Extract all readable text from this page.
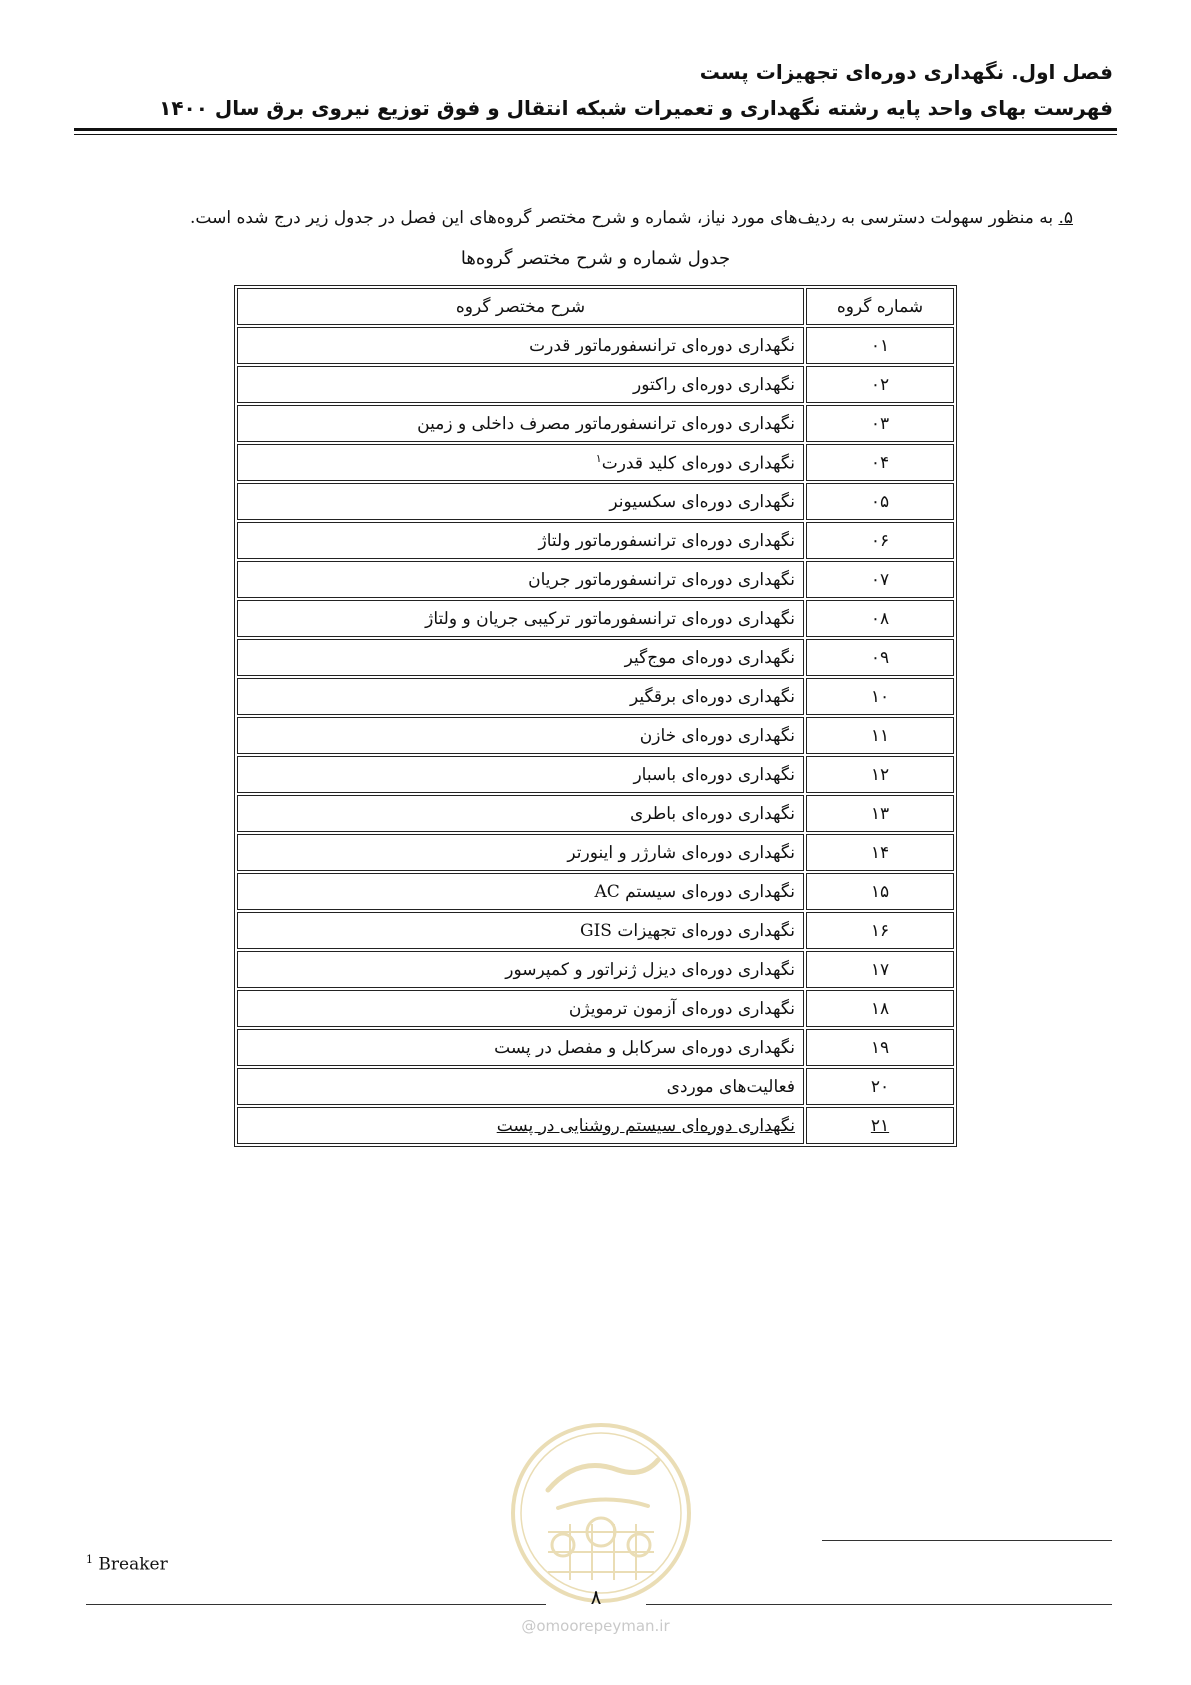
فصل اول. نگهداری دوره‌ای تجهیزات پست
فهرست بهای واحد پایه رشته نگهداری و تعمیرات شبکه انتقال و فوق توزیع نیروی برق سال ۱۴۰۰
۵. به منظور سهولت دسترسی به ردیف‌های مورد نیاز، شماره و شرح مختصر گروه‌های این فصل در جدول زیر درج شده است.
جدول شماره و شرح مختصر گروه‌ها
شماره گروه	شرح مختصر گروه
۰۱	نگهداری دوره‌ای ترانسفورماتور قدرت
۰۲	نگهداری دوره‌ای راکتور
۰۳	نگهداری دوره‌ای ترانسفورماتور مصرف داخلی و زمین
۰۴	نگهداری دوره‌ای کلید قدرت$^۱$
۰۵	نگهداری دوره‌ای سکسیونر
۰۶	نگهداری دوره‌ای ترانسفورماتور ولتاژ
۰۷	نگهداری دوره‌ای ترانسفورماتور جریان
۰۸	نگهداری دوره‌ای ترانسفورماتور ترکیبی جریان و ولتاژ
۰۹	نگهداری دوره‌ای موج‌گیر
۱۰	نگهداری دوره‌ای برقگیر
۱۱	نگهداری دوره‌ای خازن
۱۲	نگهداری دوره‌ای باسبار
۱۳	نگهداری دوره‌ای باطری
۱۴	نگهداری دوره‌ای شارژر و اینورتر
۱۵	نگهداری دوره‌ای سیستم AC
۱۶	نگهداری دوره‌ای تجهیزات GIS
۱۷	نگهداری دوره‌ای دیزل ژنراتور و کمپرسور
۱۸	نگهداری دوره‌ای آزمون ترمویژن
۱۹	نگهداری دوره‌ای سرکابل و مفصل در پست
۲۰	فعالیت‌های موردی
۲۱	نگهداری دوره‌ای سیستم روشنایی در پست
$^1$ Breaker
۸
@omoorepeyman.ir
